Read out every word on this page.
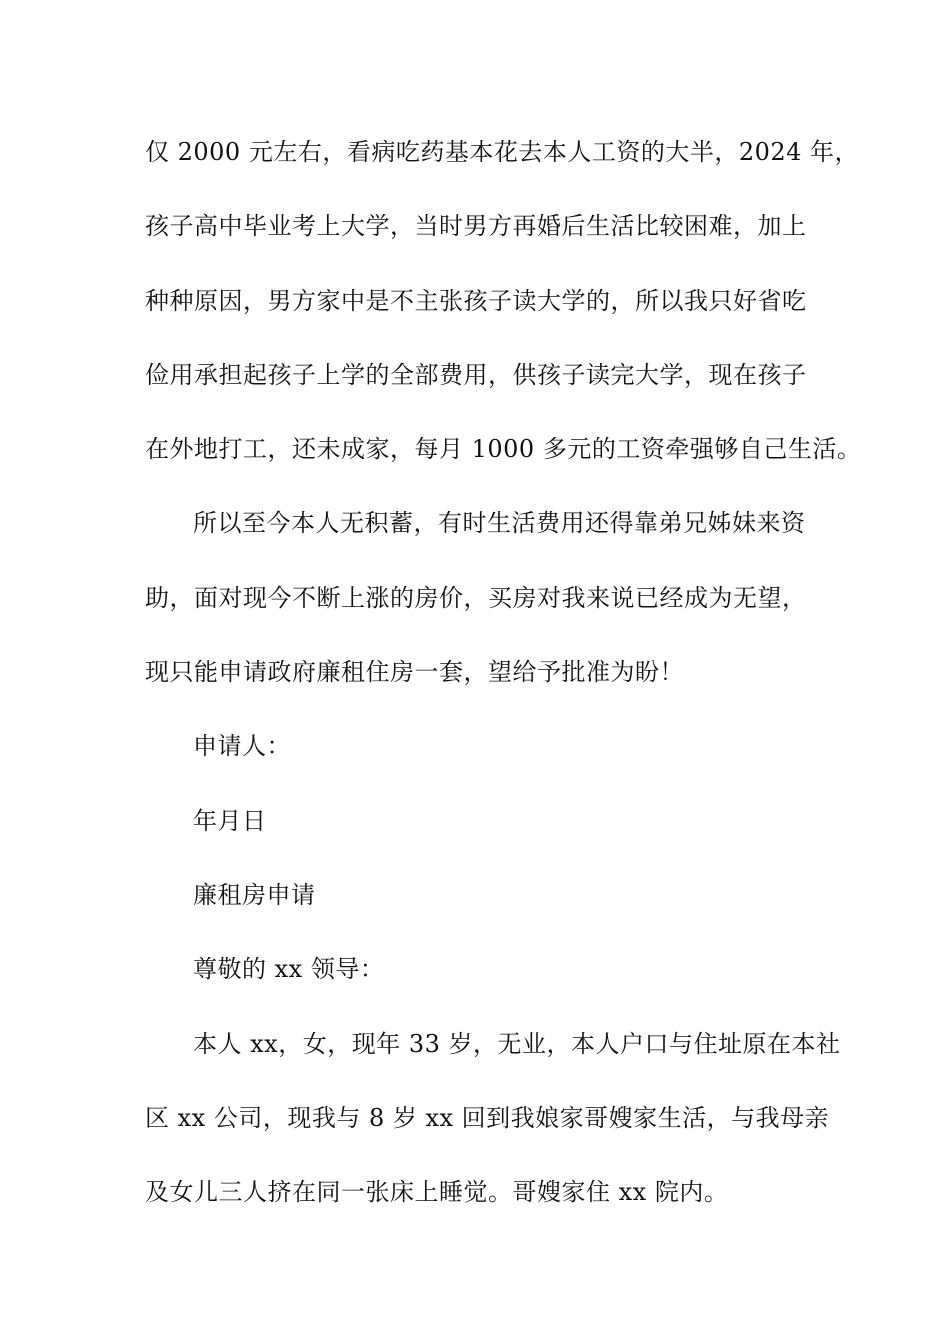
仅 2000 元左右，看病吃药基本花去本人工资的大半，2024 年，
孩子高中毕业考上大学，当时男方再婚后生活比较困难，加上
种种原因，男方家中是不主张孩子读大学的，所以我只好省吃
俭用承担起孩子上学的全部费用，供孩子读完大学，现在孩子
在外地打工，还未成家，每月 1000 多元的工资牵强够自己生活。
所以至今本人无积蓄，有时生活费用还得靠弟兄姊妹来资
助，面对现今不断上涨的房价，买房对我来说已经成为无望，
现只能申请政府廉租住房一套，望给予批准为盼！
申请人：
年月日
廉租房申请
尊敬的 xx 领导：
本人 xx，女，现年 33 岁，无业，本人户口与住址原在本社
区 xx 公司，现我与 8 岁 xx 回到我娘家哥嫂家生活，与我母亲
及女儿三人挤在同一张床上睡觉。哥嫂家住 xx 院内。
